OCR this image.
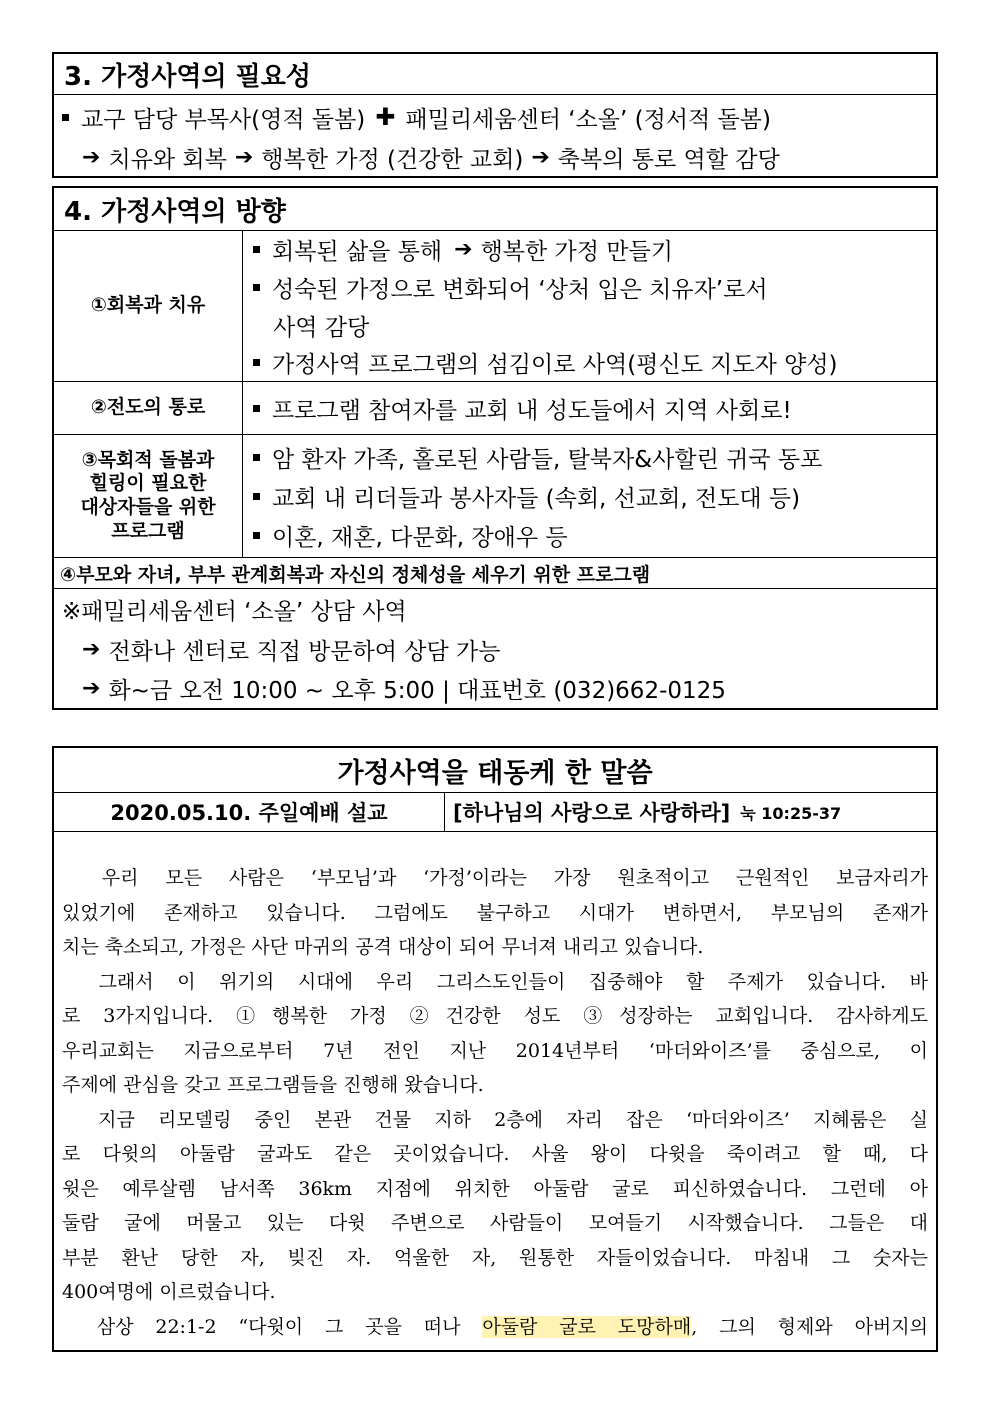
3. 가정사역의 필요성
교구 담당 부목사(영적 돌봄) ✚ 패밀리세움센터 ‘소올’ (정서적 돌봄)
➔ 치유와 회복 ➔ 행복한 가정 (건강한 교회) ➔ 축복의 통로 역할 감당
4. 가정사역의 방향
①회복과 치유
회복된 삶을 통해 ➔ 행복한 가정 만들기
성숙된 가정으로 변화되어 ‘상처 입은 치유자’로서
사역 감당
가정사역 프로그램의 섬김이로 사역(평신도 지도자 양성)
②전도의 통로	프로그램 참여자를 교회 내 성도들에서 지역 사회로!
③목회적 돌봄과
힐링이 필요한
대상자들을 위한
프로그램
암 환자 가족, 홀로된 사람들, 탈북자&사할린 귀국 동포
교회 내 리더들과 봉사자들 (속회, 선교회, 전도대 등)
이혼, 재혼, 다문화, 장애우 등
④부모와 자녀, 부부 관계회복과 자신의 정체성을 세우기 위한 프로그램
※패밀리세움센터 ‘소올’ 상담 사역
➔ 전화나 센터로 직접 방문하여 상담 가능
➔ 화~금 오전 10:00 ~ 오후 5:00 | 대표번호 (032)662-0125
가정사역을 태동케 한 말씀
2020.05.10. 주일예배 설교	[하나님의 사랑으로 사랑하라] 눅 10:25-37

　우리 모든 사람은 ‘부모님’과 ‘가정’이라는 가장 원초적이고 근원적인 보금자리가

있었기에 존재하고 있습니다. 그럼에도 불구하고 시대가 변하면서, 부모님의 존재가

치는 축소되고, 가정은 사단 마귀의 공격 대상이 되어 무너져 내리고 있습니다.

　그래서 이 위기의 시대에 우리 그리스도인들이 집중해야 할 주제가 있습니다. 바

로 3가지입니다. ①행복한 가정 ②건강한 성도 ③성장하는 교회입니다. 감사하게도

우리교회는 지금으로부터 7년 전인 지난 2014년부터 ‘마더와이즈’를 중심으로, 이

주제에 관심을 갖고 프로그램들을 진행해 왔습니다.

　지금 리모델링 중인 본관 건물 지하 2층에 자리 잡은 ‘마더와이즈’ 지혜룸은 실

로 다윗의 아둘람 굴과도 같은 곳이었습니다. 사울 왕이 다윗을 죽이려고 할 때, 다

윗은 예루살렘 남서쪽 36km 지점에 위치한 아둘람 굴로 피신하였습니다. 그런데 아

둘람 굴에 머물고 있는 다윗 주변으로 사람들이 모여들기 시작했습니다. 그들은 대

부분 환난 당한 자, 빚진 자. 억울한 자, 원통한 자들이었습니다. 마침내 그 숫자는

400여명에 이르렀습니다.

　삼상 22:1-2 “다윗이 그 곳을 떠나 아둘람 굴로 도망하매, 그의 형제와 아버지의
